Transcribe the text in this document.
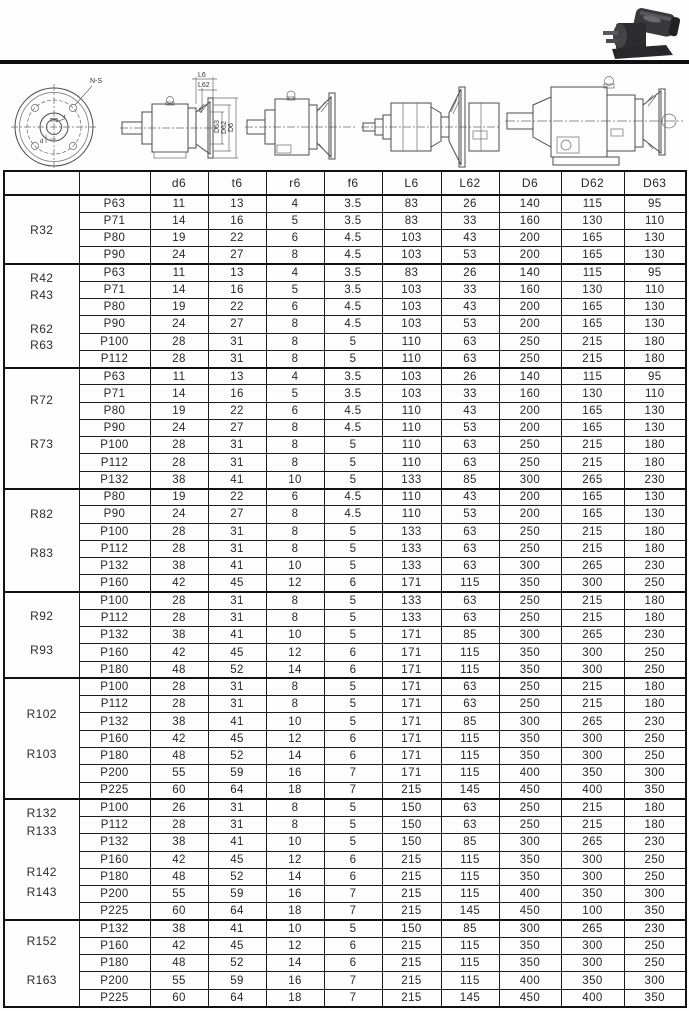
N-S
t
d
L6
L62
f6
D63 D62 D6
		d6	t6	r6	f6	L6	L62	D6	D62	D63

R32	P63	11	13	4	3.5	83	26	140	115	95
	P71	14	16	5	3.5	83	33	160	130	110
	P80	19	22	6	4.5	103	43	200	165	130
	P90	24	27	8	4.5	103	53	200	165	130

R42
R43
R62
R63	P63	11	13	4	3.5	83	26	140	115	95
	P71	14	16	5	3.5	103	33	160	130	110
	P80	19	22	6	4.5	103	43	200	165	130
	P90	24	27	8	4.5	103	53	200	165	130
	P100	28	31	8	5	110	63	250	215	180
	P112	28	31	8	5	110	63	250	215	180

R72
R73	P63	11	13	4	3.5	103	26	140	115	95
	P71	14	16	5	3.5	103	33	160	130	110
	P80	19	22	6	4.5	110	43	200	165	130
	P90	24	27	8	4.5	110	53	200	165	130
	P100	28	31	8	5	110	63	250	215	180
	P112	28	31	8	5	110	63	250	215	180
	P132	38	41	10	5	133	85	300	265	230

R82
R83	P80	19	22	6	4.5	110	43	200	165	130
	P90	24	27	8	4.5	110	53	200	165	130
	P100	28	31	8	5	133	63	250	215	180
	P112	28	31	8	5	133	63	250	215	180
	P132	38	41	10	5	133	63	300	265	230
	P160	42	45	12	6	171	115	350	300	250

R92
R93	P100	28	31	8	5	133	63	250	215	180
	P112	28	31	8	5	133	63	250	215	180
	P132	38	41	10	5	171	85	300	265	230
	P160	42	45	12	6	171	115	350	300	250
	P180	48	52	14	6	171	115	350	300	250

R102
R103	P100	28	31	8	5	171	63	250	215	180
	P112	28	31	8	5	171	63	250	215	180
	P132	38	41	10	5	171	85	300	265	230
	P160	42	45	12	6	171	115	350	300	250
	P180	48	52	14	6	171	115	350	300	250
	P200	55	59	16	7	171	115	400	350	300
	P225	60	64	18	7	215	145	450	400	350

R132
R133
R142
R143	P100	26	31	8	5	150	63	250	215	180
	P112	28	31	8	5	150	63	250	215	180
	P132	38	41	10	5	150	85	300	265	230
	P160	42	45	12	6	215	115	350	300	250
	P180	48	52	14	6	215	115	350	300	250
	P200	55	59	16	7	215	115	400	350	300
	P225	60	64	18	7	215	145	450	100	350

R152
R163	P132	38	41	10	5	150	85	300	265	230
	P160	42	45	12	6	215	115	350	300	250
	P180	48	52	14	6	215	115	350	300	250
	P200	55	59	16	7	215	115	400	350	300
	P225	60	64	18	7	215	145	450	400	350
